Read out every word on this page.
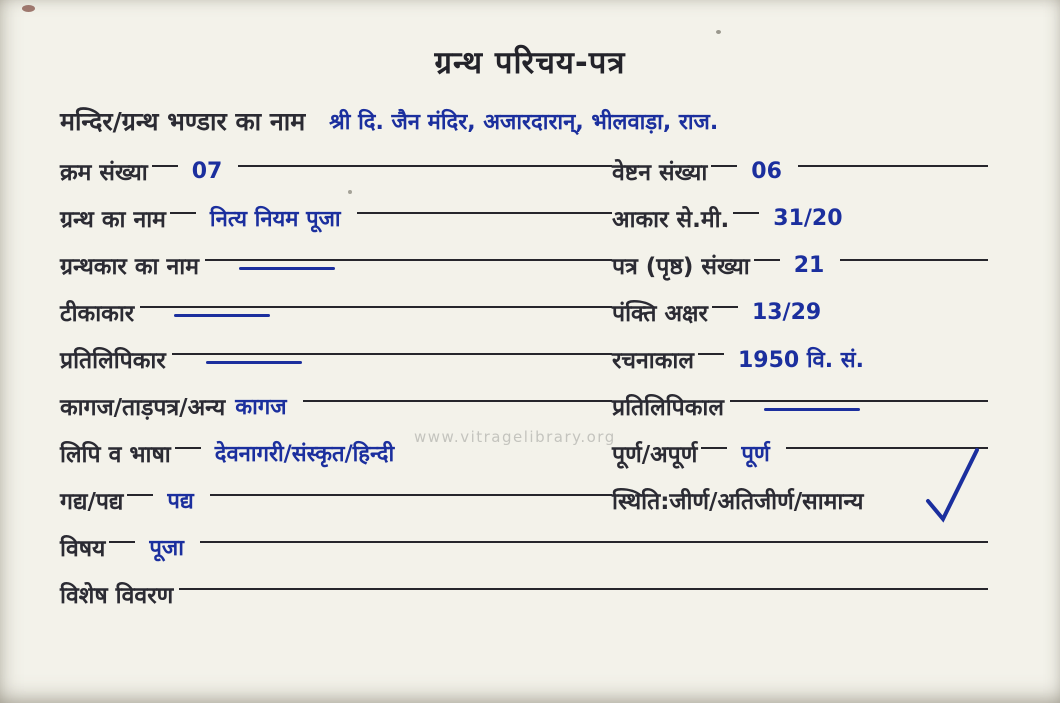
ग्रन्थ परिचय-पत्र
मन्दिर/ग्रन्थ भण्डार का नाम श्री दि. जैन मंदिर, अजारदारान्, भीलवाड़ा, राज.
क्रम संख्या 07	वेष्टन संख्या 06
ग्रन्थ का नाम नित्य नियम पूजा	आकार से.मी. 31/20
ग्रन्थकार का नाम	पत्र (पृष्ठ) संख्या 21
टीकाकार	पंक्ति अक्षर 13/29
प्रतिलिपिकार	रचनाकाल 1950 वि. सं.
कागज/ताड़पत्र/अन्य कागज	प्रतिलिपिकाल
लिपि व भाषा देवनागरी/संस्कृत/हिन्दी	पूर्ण/अपूर्ण पूर्ण
गद्य/पद्य पद्य	स्थिति:जीर्ण/अतिजीर्ण/सामान्य
विषय पूजा
विशेष विवरण
www.vitragelibrary.org
